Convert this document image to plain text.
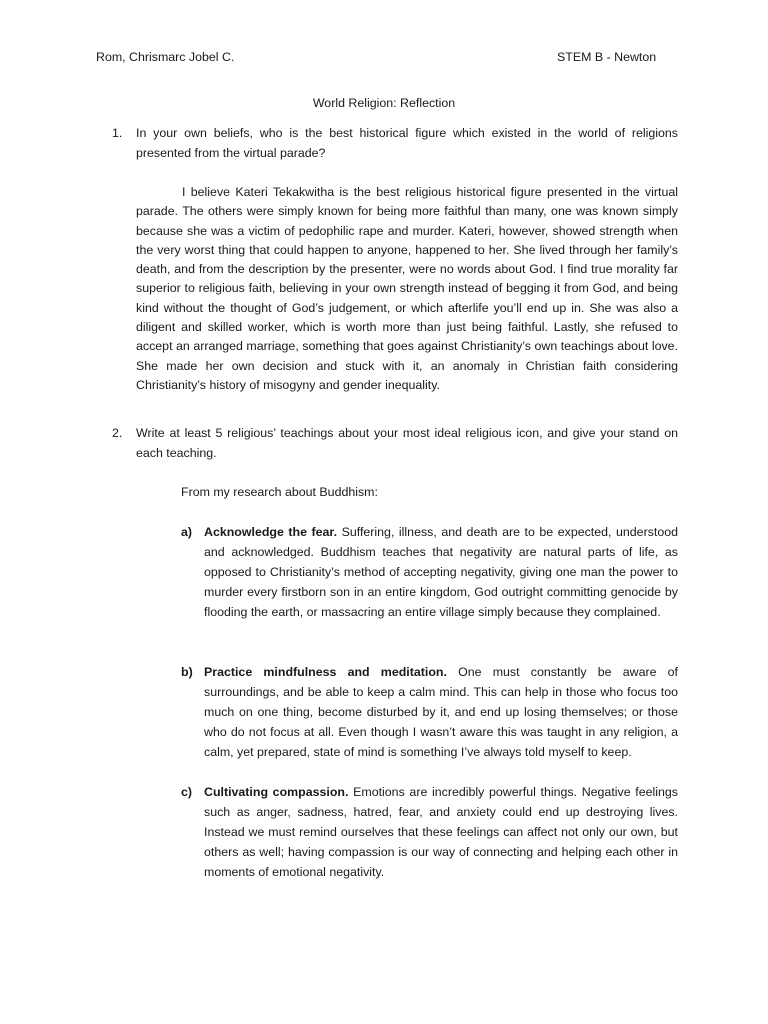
Rom, Chrismarc Jobel C.	STEM B - Newton
World Religion: Reflection
1. In your own beliefs, who is the best historical figure which existed in the world of religions presented from the virtual parade?
I believe Kateri Tekakwitha is the best religious historical figure presented in the virtual parade. The others were simply known for being more faithful than many, one was known simply because she was a victim of pedophilic rape and murder. Kateri, however, showed strength when the very worst thing that could happen to anyone, happened to her. She lived through her family’s death, and from the description by the presenter, were no words about God. I find true morality far superior to religious faith, believing in your own strength instead of begging it from God, and being kind without the thought of God’s judgement, or which afterlife you’ll end up in. She was also a diligent and skilled worker, which is worth more than just being faithful. Lastly, she refused to accept an arranged marriage, something that goes against Christianity’s own teachings about love. She made her own decision and stuck with it, an anomaly in Christian faith considering Christianity’s history of misogyny and gender inequality.
2. Write at least 5 religious’ teachings about your most ideal religious icon, and give your stand on each teaching.
From my research about Buddhism:
a) Acknowledge the fear. Suffering, illness, and death are to be expected, understood and acknowledged. Buddhism teaches that negativity are natural parts of life, as opposed to Christianity’s method of accepting negativity, giving one man the power to murder every firstborn son in an entire kingdom, God outright committing genocide by flooding the earth, or massacring an entire village simply because they complained.
b) Practice mindfulness and meditation. One must constantly be aware of surroundings, and be able to keep a calm mind. This can help in those who focus too much on one thing, become disturbed by it, and end up losing themselves; or those who do not focus at all. Even though I wasn’t aware this was taught in any religion, a calm, yet prepared, state of mind is something I’ve always told myself to keep.
c) Cultivating compassion. Emotions are incredibly powerful things. Negative feelings such as anger, sadness, hatred, fear, and anxiety could end up destroying lives. Instead we must remind ourselves that these feelings can affect not only our own, but others as well; having compassion is our way of connecting and helping each other in moments of emotional negativity.
